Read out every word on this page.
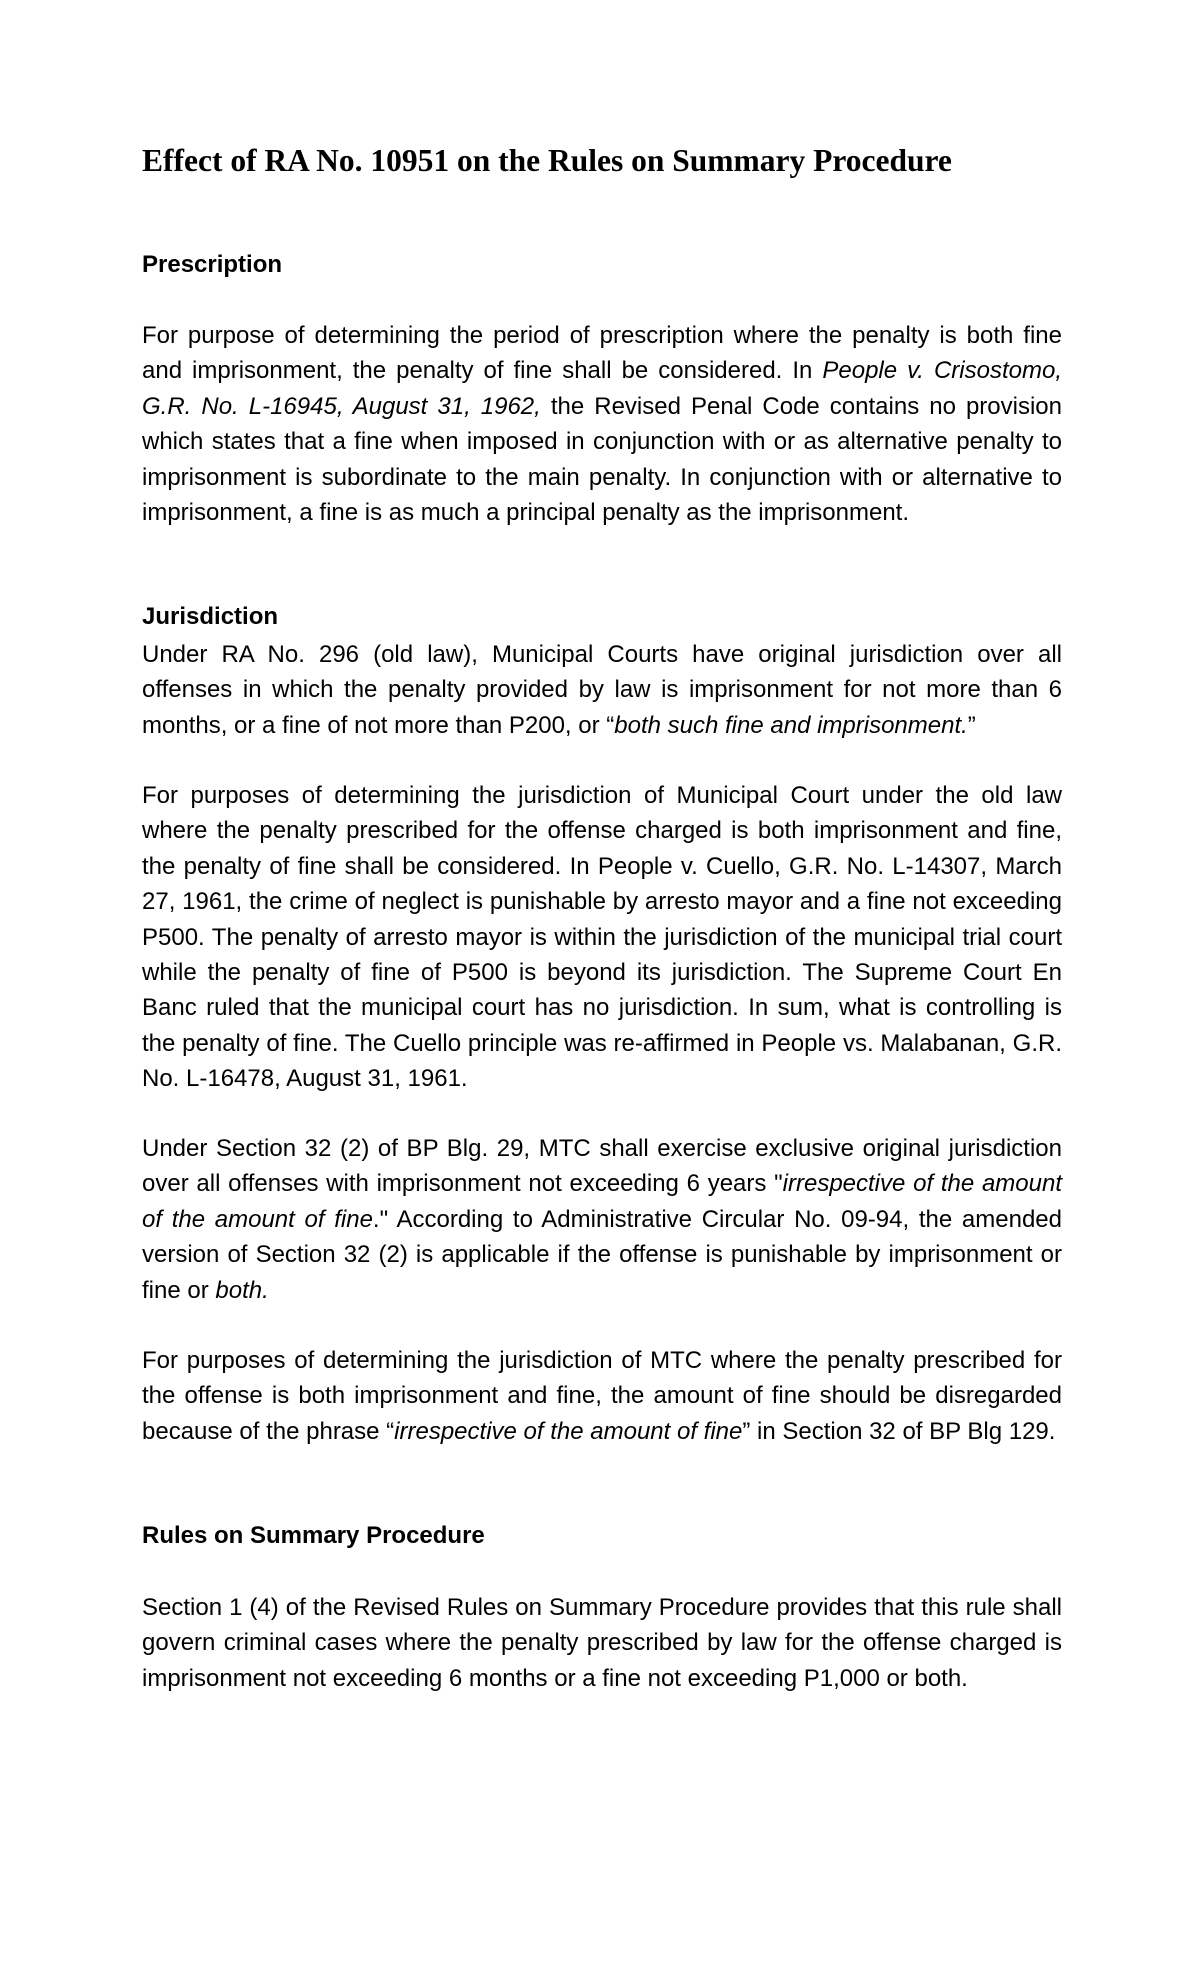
Effect of RA No. 10951 on the Rules on Summary Procedure
Prescription

For purpose of determining the period of prescription where the penalty is both fine and imprisonment, the penalty of fine shall be considered. In People v. Crisostomo, G.R. No. L-16945, August 31, 1962, the Revised Penal Code contains no provision which states that a fine when imposed in conjunction with or as alternative penalty to imprisonment is subordinate to the main penalty. In conjunction with or alternative to imprisonment, a fine is as much a principal penalty as the imprisonment.

Jurisdiction

Under RA No. 296 (old law), Municipal Courts have original jurisdiction over all offenses in which the penalty provided by law is imprisonment for not more than 6 months, or a fine of not more than P200, or “both such fine and imprisonment.”

For purposes of determining the jurisdiction of Municipal Court under the old law where the penalty prescribed for the offense charged is both imprisonment and fine, the penalty of fine shall be considered. In People v. Cuello, G.R. No. L-14307, March 27, 1961, the crime of neglect is punishable by arresto mayor and a fine not exceeding P500. The penalty of arresto mayor is within the jurisdiction of the municipal trial court while the penalty of fine of P500 is beyond its jurisdiction. The Supreme Court En Banc ruled that the municipal court has no jurisdiction. In sum, what is controlling is the penalty of fine. The Cuello principle was re-affirmed in People vs. Malabanan, G.R. No. L-16478, August 31, 1961.

Under Section 32 (2) of BP Blg. 29, MTC shall exercise exclusive original jurisdiction over all offenses with imprisonment not exceeding 6 years "irrespective of the amount of the amount of fine." According to Administrative Circular No. 09-94, the amended version of Section 32 (2) is applicable if the offense is punishable by imprisonment or fine or both.

For purposes of determining the jurisdiction of MTC where the penalty prescribed for the offense is both imprisonment and fine, the amount of fine should be disregarded because of the phrase “irrespective of the amount of fine” in Section 32 of BP Blg 129.

Rules on Summary Procedure

Section 1 (4) of the Revised Rules on Summary Procedure provides that this rule shall govern criminal cases where the penalty prescribed by law for the offense charged is imprisonment not exceeding 6 months or a fine not exceeding P1,000 or both.
